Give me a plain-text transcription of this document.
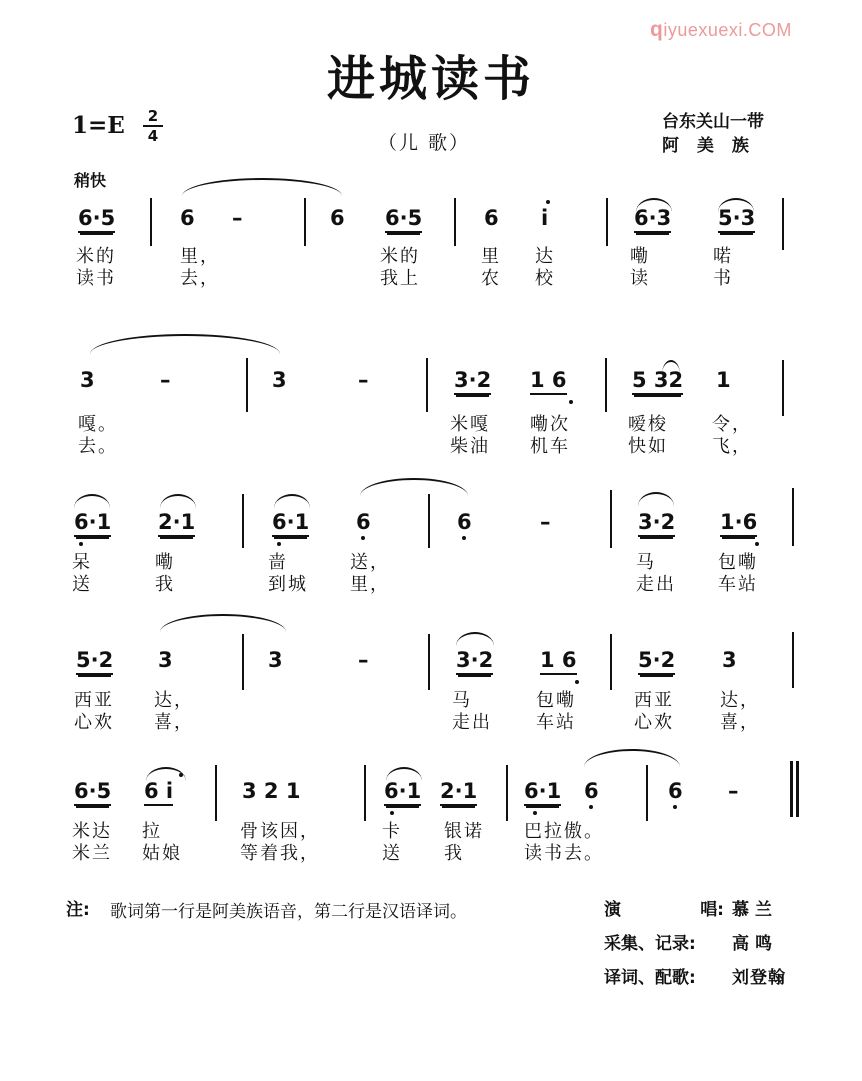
qiyuexuexi.COM
进城读书
1=E	2
4	（儿 歌）
台东关山一带
阿 美 族
稍快
6·5	6 –	6 6·5	6 i	6·3 5·3
米的	里，	米的	里 达	嘞	喏
读书	去，	我上	农 校	读	书
3	–	3	–	3·2 1 6	5 32 1
嘎。	米嘎 嘞次	嗳梭 令，
去。	柴油 机车	快如 飞，
6·1 2·1	6·1 6	6	–	3·2 1·6
呆	嘞	啬	送，	马	包嘞
送	我	到城 里，	走出 车站
5·2 3	3	–	3·2 1 6	5·2 3
西亚 达，	马	包嘞	西亚	达，
心欢 喜，	走出 车站	心欢	喜，
6·5 6 i	3 2 1	6·1 2·1 6·1 6	6 –
米达 拉	骨该因，	卡 银诺 巴拉傲。
米兰 姑娘	等着我，	送 我	读书去。
注: 歌词第一行是阿美族语音，第二行是汉语译词。	演	唱: 慕兰
采集、记录:	高鸣
译词、配歌:	刘登翰
